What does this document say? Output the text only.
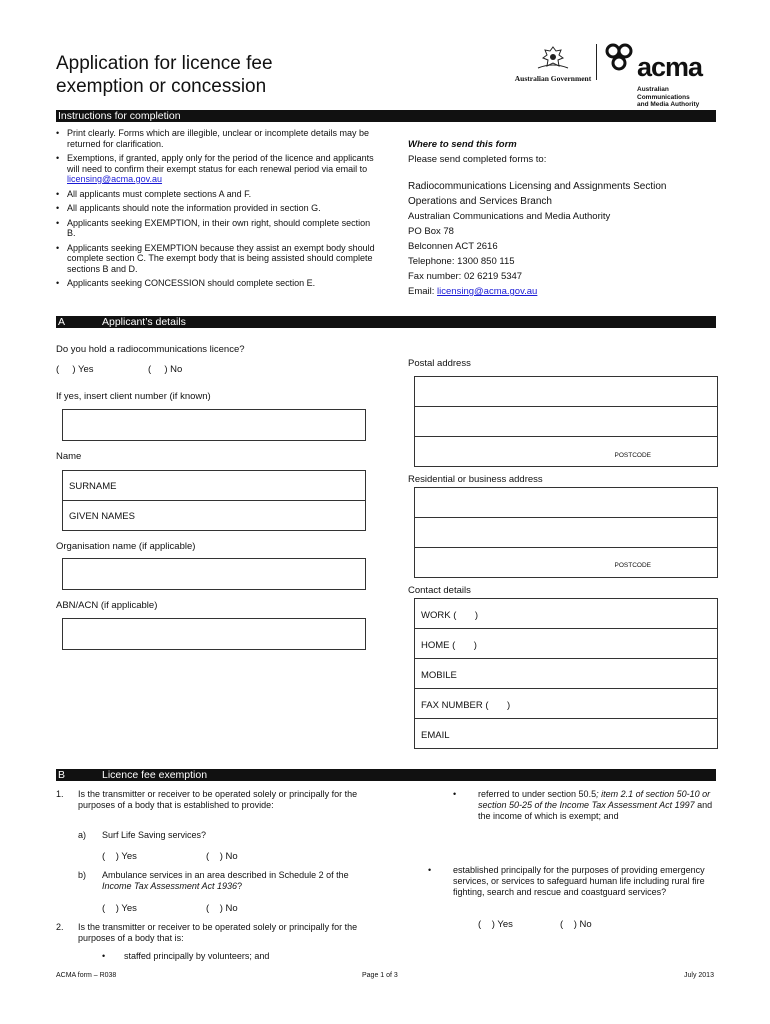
Application for licence fee
exemption or concession	Australian Government acma
Australian
Communications
and Media Authority
Instructions for completion
• Print clearly. Forms which are illegible, unclear or incomplete details may be returned for clarification.
• Exemptions, if granted, apply only for the period of the licence and applicants will need to confirm their exempt status for each renewal period via email to licensing@acma.gov.au
• All applicants must complete sections A and F.
• All applicants should note the information provided in section G.
• Applicants seeking EXEMPTION, in their own right, should complete section B.
• Applicants seeking EXEMPTION because they assist an exempt body should complete section C. The exempt body that is being assisted should complete sections B and D.
• Applicants seeking CONCESSION should complete section E.
Where to send this form
Please send completed forms to:
Radiocommunications Licensing and Assignments Section
Operations and Services Branch
Australian Communications and Media Authority
PO Box 78
Belconnen ACT 2616
Telephone: 1300 850 115
Fax number: 02 6219 5347
Email: licensing@acma.gov.au
A	Applicant’s details
Do you hold a radiocommunications licence?
(     ) Yes	(     ) No
If yes, insert client number (if known)
Name
SURNAME
GIVEN NAMES
Organisation name (if applicable)
ABN/ACN (if applicable)
Postal address
POSTCODE
Residential or business address
POSTCODE
Contact details
WORK ( )
HOME ( )
MOBILE
FAX NUMBER ( )
EMAIL
B	Licence fee exemption
1. Is the transmitter or receiver to be operated solely or principally for the purposes of a body that is established to provide:
a) Surf Life Saving services?
(    ) Yes	(    ) No
b) Ambulance services in an area described in Schedule 2 of the Income Tax Assessment Act 1936?
(    ) Yes	(    ) No
2. Is the transmitter or receiver to be operated solely or principally for the purposes of a body that is:
• staffed principally by volunteers; and
• referred to under section 50.5; item 2.1 of section 50-10 or section 50-25 of the Income Tax Assessment Act 1997 and the income of which is exempt; and
• established principally for the purposes of providing emergency services, or services to safeguard human life including rural fire fighting, search and rescue and coastguard services?
(    ) Yes	(    ) No
ACMA form – R038	Page 1 of 3	July 2013
